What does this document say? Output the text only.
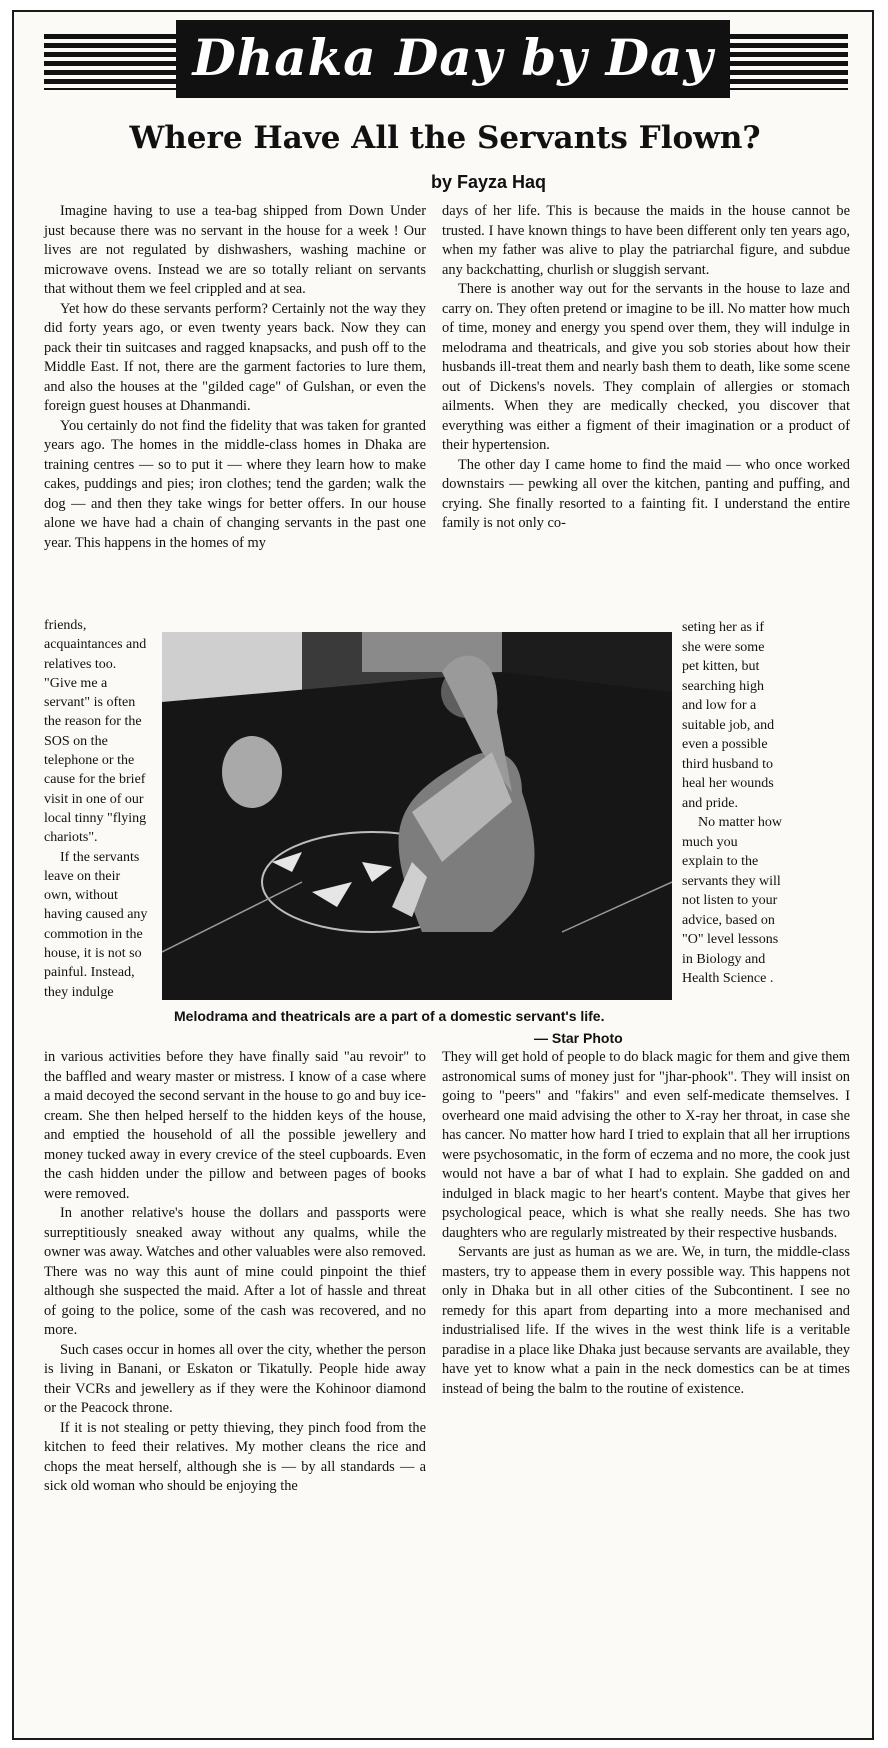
Dhaka Day by Day
Where Have All the Servants Flown?
by Fayza Haq

Imagine having to use a tea-bag shipped from Down Under just because there was no servant in the house for a week ! Our lives are not regulated by dishwashers, washing machine or microwave ovens. Instead we are so totally reliant on servants that without them we feel crippled and at sea.

Yet how do these servants perform? Certainly not the way they did forty years ago, or even twenty years back. Now they can pack their tin suitcases and ragged knapsacks, and push off to the Middle East. If not, there are the garment factories to lure them, and also the houses at the "gilded cage" of Gulshan, or even the foreign guest houses at Dhanmandi.

You certainly do not find the fidelity that was taken for granted years ago. The homes in the middle-class homes in Dhaka are training centres — so to put it — where they learn how to make cakes, puddings and pies; iron clothes; tend the garden; walk the dog — and then they take wings for better offers. In our house alone we have had a chain of changing servants in the past one year. This happens in the homes of my

friends, acquaintances and relatives too. "Give me a servant" is often the reason for the SOS on the telephone or the cause for the brief visit in one of our local tinny "flying chariots".

If the servants leave on their own, without having caused any commotion in the house, it is not so painful. Instead, they indulge

Melodrama and theatricals are a part of a domestic servant's life.
— Star Photo

in various activities before they have finally said "au revoir" to the baffled and weary master or mistress. I know of a case where a maid decoyed the second servant in the house to go and buy ice-cream. She then helped herself to the hidden keys of the house, and emptied the household of all the possible jewellery and money tucked away in every crevice of the steel cupboards. Even the cash hidden under the pillow and between pages of books were removed.

In another relative's house the dollars and passports were surreptitiously sneaked away without any qualms, while the owner was away. Watches and other valuables were also removed. There was no way this aunt of mine could pinpoint the thief although she suspected the maid. After a lot of hassle and threat of going to the police, some of the cash was recovered, and no more.

Such cases occur in homes all over the city, whether the person is living in Banani, or Eskaton or Tikatully. People hide away their VCRs and jewellery as if they were the Kohinoor diamond or the Peacock throne.

If it is not stealing or petty thieving, they pinch food from the kitchen to feed their relatives. My mother cleans the rice and chops the meat herself, although she is — by all standards — a sick old woman who should be enjoying the

days of her life. This is because the maids in the house cannot be trusted. I have known things to have been different only ten years ago, when my father was alive to play the patriarchal figure, and subdue any backchatting, churlish or sluggish servant.

There is another way out for the servants in the house to laze and carry on. They often pretend or imagine to be ill. No matter how much of time, money and energy you spend over them, they will indulge in melodrama and theatricals, and give you sob stories about how their husbands ill-treat them and nearly bash them to death, like some scene out of Dickens's novels. They complain of allergies or stomach ailments. When they are medically checked, you discover that everything was either a figment of their imagination or a product of their hypertension.

The other day I came home to find the maid — who once worked downstairs — pewking all over the kitchen, panting and puffing, and crying. She finally resorted to a fainting fit. I understand the entire family is not only co-

seting her as if she were some pet kitten, but searching high and low for a suitable job, and even a possible third husband to heal her wounds and pride.

No matter how much you explain to the servants they will not listen to your advice, based on "O" level lessons in Biology and Health Science .

They will get hold of people to do black magic for them and give them astronomical sums of money just for "jhar-phook". They will insist on going to "peers" and "fakirs" and even self-medicate themselves. I overheard one maid advising the other to X-ray her throat, in case she has cancer. No matter how hard I tried to explain that all her irruptions were psychosomatic, in the form of eczema and no more, the cook just would not have a bar of what I had to explain. She gadded on and indulged in black magic to her heart's content. Maybe that gives her psychological peace, which is what she really needs. She has two daughters who are regularly mistreated by their respective husbands.

Servants are just as human as we are. We, in turn, the middle-class masters, try to appease them in every possible way. This happens not only in Dhaka but in all other cities of the Subcontinent. I see no remedy for this apart from departing into a more mechanised and industrialised life. If the wives in the west think life is a veritable paradise in a place like Dhaka just because servants are available, they have yet to know what a pain in the neck domestics can be at times instead of being the balm to the routine of existence.
